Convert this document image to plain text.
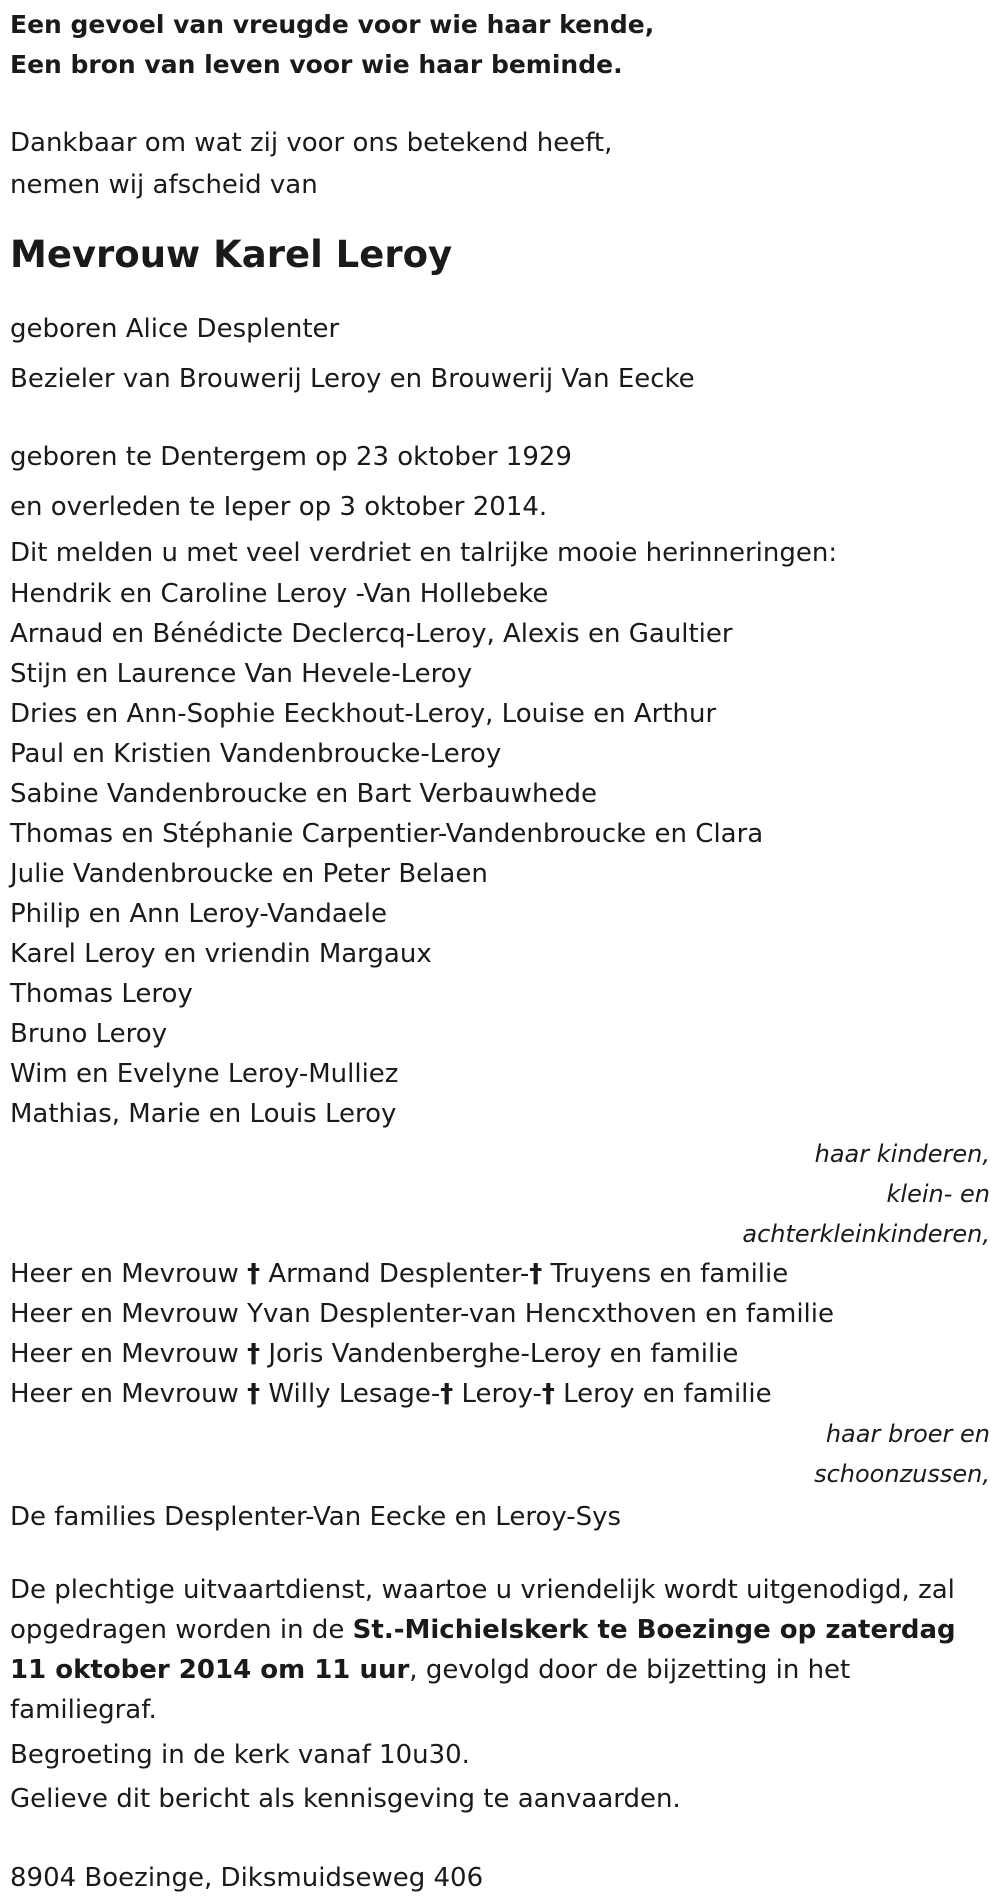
Een gevoel van vreugde voor wie haar kende,

Een bron van leven voor wie haar beminde.

Dankbaar om wat zij voor ons betekend heeft,

nemen wij afscheid van

Mevrouw Karel Leroy

geboren Alice Desplenter

Bezieler van Brouwerij Leroy en Brouwerij Van Eecke

geboren te Dentergem op 23 oktober 1929

en overleden te Ieper op 3 oktober 2014.

Dit melden u met veel verdriet en talrijke mooie herinneringen:

Hendrik en Caroline Leroy -Van Hollebeke

Arnaud en Bénédicte Declercq-Leroy, Alexis en Gaultier

Stijn en Laurence Van Hevele-Leroy

Dries en Ann-Sophie Eeckhout-Leroy, Louise en Arthur

Paul en Kristien Vandenbroucke-Leroy

Sabine Vandenbroucke en Bart Verbauwhede

Thomas en Stéphanie Carpentier-Vandenbroucke en Clara

Julie Vandenbroucke en Peter Belaen

Philip en Ann Leroy-Vandaele

Karel Leroy en vriendin Margaux

Thomas Leroy

Bruno Leroy

Wim en Evelyne Leroy-Mulliez

Mathias, Marie en Louis Leroy

haar kinderen,

klein- en

achterkleinkinderen,

Heer en Mevrouw † Armand Desplenter-† Truyens en familie

Heer en Mevrouw Yvan Desplenter-van Hencxthoven en familie

Heer en Mevrouw † Joris Vandenberghe-Leroy en familie

Heer en Mevrouw † Willy Lesage-† Leroy-† Leroy en familie

haar broer en

schoonzussen,

De families Desplenter-Van Eecke en Leroy-Sys

De plechtige uitvaartdienst, waartoe u vriendelijk wordt uitgenodigd, zal opgedragen worden in de St.-Michielskerk te Boezinge op zaterdag 11 oktober 2014 om 11 uur, gevolgd door de bijzetting in het familiegraf.

Begroeting in de kerk vanaf 10u30.

Gelieve dit bericht als kennisgeving te aanvaarden.

8904 Boezinge, Diksmuidseweg 406
